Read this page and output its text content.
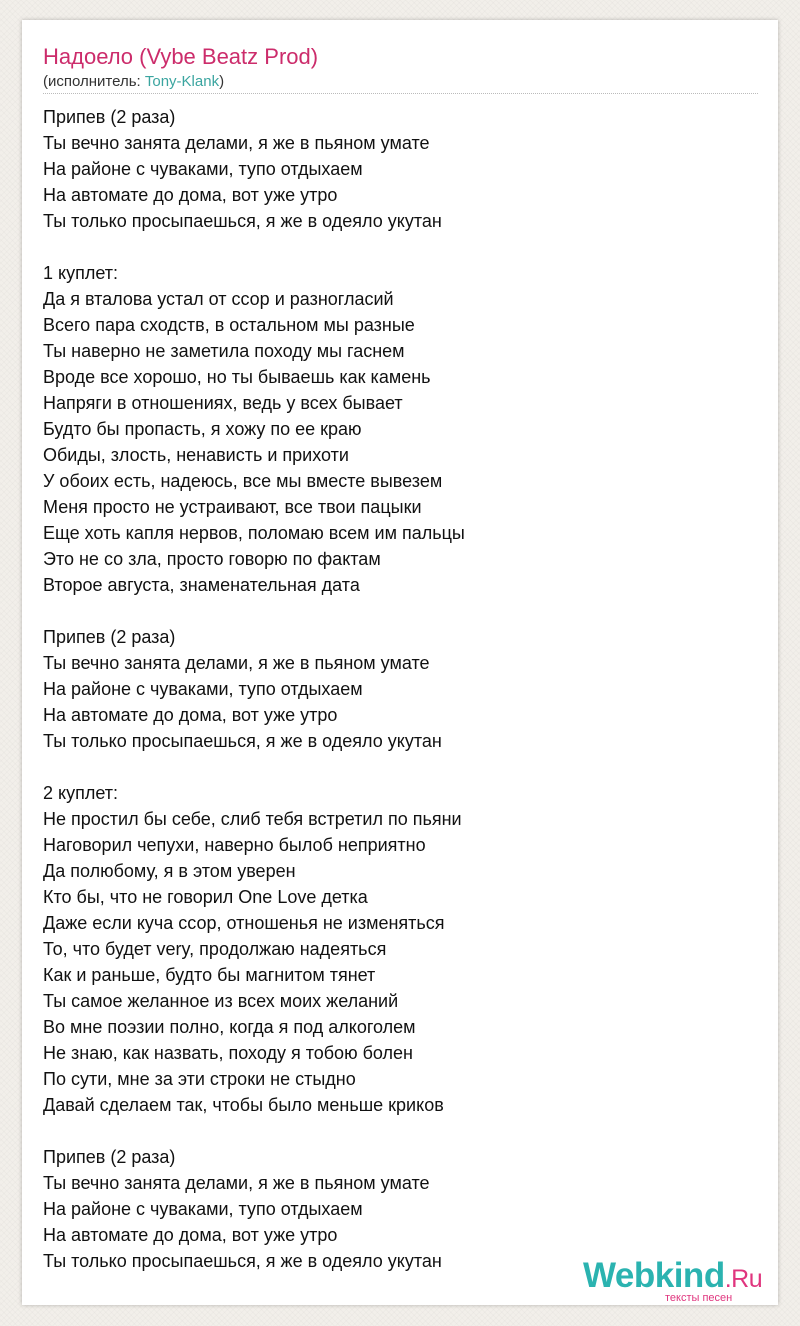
Надоело (Vybe Beatz Prod)
(исполнитель: Tony-Klank)
Припев (2 раза)
Ты вечно занята делами, я же в пьяном умате
На районе с чуваками, тупо отдыхаем
На автомате до дома, вот уже утро
Ты только просыпаешься, я же в одеяло укутан
1 куплет:
Да я вталова устал от ссор и разногласий
Всего пара сходств, в остальном мы разные
Ты наверно не заметила походу мы гаснем
Вроде все хорошо, но ты бываешь как камень
Напряги в отношениях, ведь у всех бывает
Будто бы пропасть, я хожу по ее краю
Обиды, злость, ненависть и прихоти
У обоих есть, надеюсь, все мы вместе вывезем
Меня просто не устраивают, все твои пацыки
Еще хоть капля нервов, поломаю всем им пальцы
Это не со зла, просто говорю по фактам
Второе августа, знаменательная дата
Припев (2 раза)
Ты вечно занята делами, я же в пьяном умате
На районе с чуваками, тупо отдыхаем
На автомате до дома, вот уже утро
Ты только просыпаешься, я же в одеяло укутан
2 куплет:
Не простил бы себе, слиб тебя встретил по пьяни
Наговорил чепухи, наверно былоб неприятно
Да полюбому, я в этом уверен
Кто бы, что не говорил One Love детка
Даже если куча ссор, отношенья не изменяться
То, что будет very, продолжаю надеяться
Как и раньше, будто бы магнитом тянет
Ты самое желанное из всех моих желаний
Во мне поэзии полно, когда я под алкоголем
Не знаю, как назвать, походу я тобою болен
По сути, мне за эти строки не стыдно
Давай сделаем так, чтобы было меньше криков
Припев (2 раза)
Ты вечно занята делами, я же в пьяном умате
На районе с чуваками, тупо отдыхаем
На автомате до дома, вот уже утро
Ты только просыпаешься, я же в одеяло укутан	Webkind.Ru
тексты песен
